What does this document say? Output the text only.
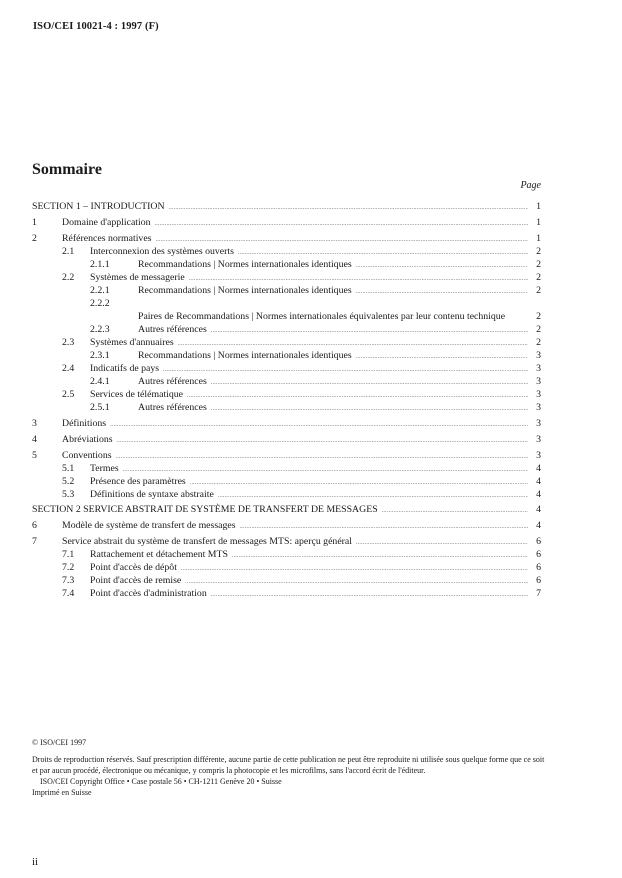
ISO/CEI 10021-4 : 1997 (F)
Sommaire
Page
SECTION 1 – INTRODUCTION .....	1
1	Domaine d'application .....	1
2	Références normatives .....	1
2.1 Interconnexion des systèmes ouverts .....	2
2.1.1	Recommandations | Normes internationales identiques .....	2
2.2 Systèmes de messagerie .....	2
2.2.1	Recommandations | Normes internationales identiques .....	2
2.2.2
Paires de Recommandations | Normes internationales équivalentes par leur contenu technique	2
2.2.3	Autres références .....	2
2.3 Systèmes d'annuaires .....	2
2.3.1	Recommandations | Normes internationales identiques .....	3
2.4 Indicatifs de pays .....	3
2.4.1	Autres références .....	3
2.5 Services de télématique .....	3
2.5.1	Autres références .....	3
3	Définitions .....	3
4	Abréviations .....	3
5	Conventions .....	3
5.1 Termes .....	4
5.2 Présence des paramètres .....	4
5.3 Définitions de syntaxe abstraite .....	4
SECTION 2 SERVICE ABSTRAIT DE SYSTÈME DE TRANSFERT DE MESSAGES .....	4
6	Modèle de système de transfert de messages .....	4
7	Service abstrait du système de transfert de messages MTS: aperçu général .....	6
7.1 Rattachement et détachement MTS .....	6
7.2 Point d'accès de dépôt .....	6
7.3 Point d'accès de remise .....	6
7.4 Point d'accès d'administration .....	7

© ISO/CEI 1997

Droits de reproduction réservés. Sauf prescription différente, aucune partie de cette publication ne peut être reproduite ni utilisée sous quelque forme que ce soit et par aucun procédé, électronique ou mécanique, y compris la photocopie et les microfilms, sans l'accord écrit de l'éditeur.

ISO/CEI Copyright Office • Case postale 56 • CH-1211 Genève 20 • Suisse

Imprimé en Suisse

ii
